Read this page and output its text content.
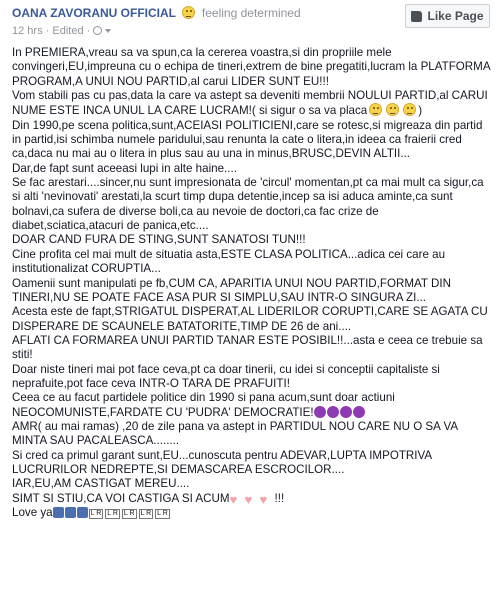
OANA ZAVORANU OFFICIAL feeling determined
12 hrs · Edited ·
Like Page

In PREMIERA,vreau sa va spun,ca la cererea voastra,si din propriile mele convingeri,EU,impreuna cu o echipa de tineri,extrem de bine pregatiti,lucram la PLATFORMA PROGRAM,A UNUI NOU PARTID,al carui LIDER SUNT EU!!!

Vom stabili pas cu pas,data la care va astept sa deveniti membrii NOULUI PARTID,al CARUI NUME ESTE INCA UNUL LA CARE LUCRAM!( si sigur o sa va placa	)

Din 1990,pe scena politica,sunt,ACEIASI POLITICIENI,care se rotesc,si migreaza din partid in partid,isi schimba numele paridului,sau renunta la cate o litera,in ideea ca fraierii cred ca,daca nu mai au o litera in plus sau au una in minus,BRUSC,DEVIN ALTII...

Dar,de fapt sunt aceeasi lupi in alte haine....

Se fac arestari....sincer,nu sunt impresionata de 'circul' momentan,pt ca mai mult ca sigur,ca si alti 'nevinovati' arestati,la scurt timp dupa detentie,incep sa isi aduca aminte,ca sunt bolnavi,ca sufera de diverse boli,ca au nevoie de doctori,ca fac crize de diabet,sciatica,atacuri de panica,etc....

DOAR CAND FURA DE STING,SUNT SANATOSI TUN!!!

Cine profita cel mai mult de situatia asta,ESTE CLASA POLITICA...adica cei care au institutionalizat CORUPTIA...

Oamenii sunt manipulati pe fb,CUM CA, APARITIA UNUI NOU PARTID,FORMAT DIN TINERI,NU SE POATE FACE ASA PUR SI SIMPLU,SAU INTR-O SINGURA ZI...

Acesta este de fapt,STRIGATUL DISPERAT,AL LIDERILOR CORUPTI,CARE SE AGATA CU DISPERARE DE SCAUNELE BATATORITE,TIMP DE 26 de ani....

AFLATI CA FORMAREA UNUI PARTID TANAR ESTE POSIBIL!!...asta e ceea ce trebuie sa stiti!

Doar niste tineri mai pot face ceva,pt ca doar tinerii, cu idei si conceptii capitaliste si neprafuite,pot face ceva INTR-O TARA DE PRAFUITI!

Ceea ce au facut partidele politice din 1990 si pana acum,sunt doar actiuni NEOCOMUNISTE,FARDATE CU 'PUDRA' DEMOCRATIE!

AMR( au mai ramas) ,20 de zile pana va astept in PARTIDUL NOU CARE NU O SA VA MINTA SAU PACALEASCA........

Si cred ca primul garant sunt,EU...cunoscuta pentru ADEVAR,LUPTA IMPOTRIVA LUCRURILOR NEDREPTE,SI DEMASCAREA ESCROCILOR....

IAR,EU,AM CASTIGAT MEREU....

SIMT SI STIU,CA VOI CASTIGA SI ACUM♥ ♥ ♥ !!!

Love ya	L R L R L R L R L R
